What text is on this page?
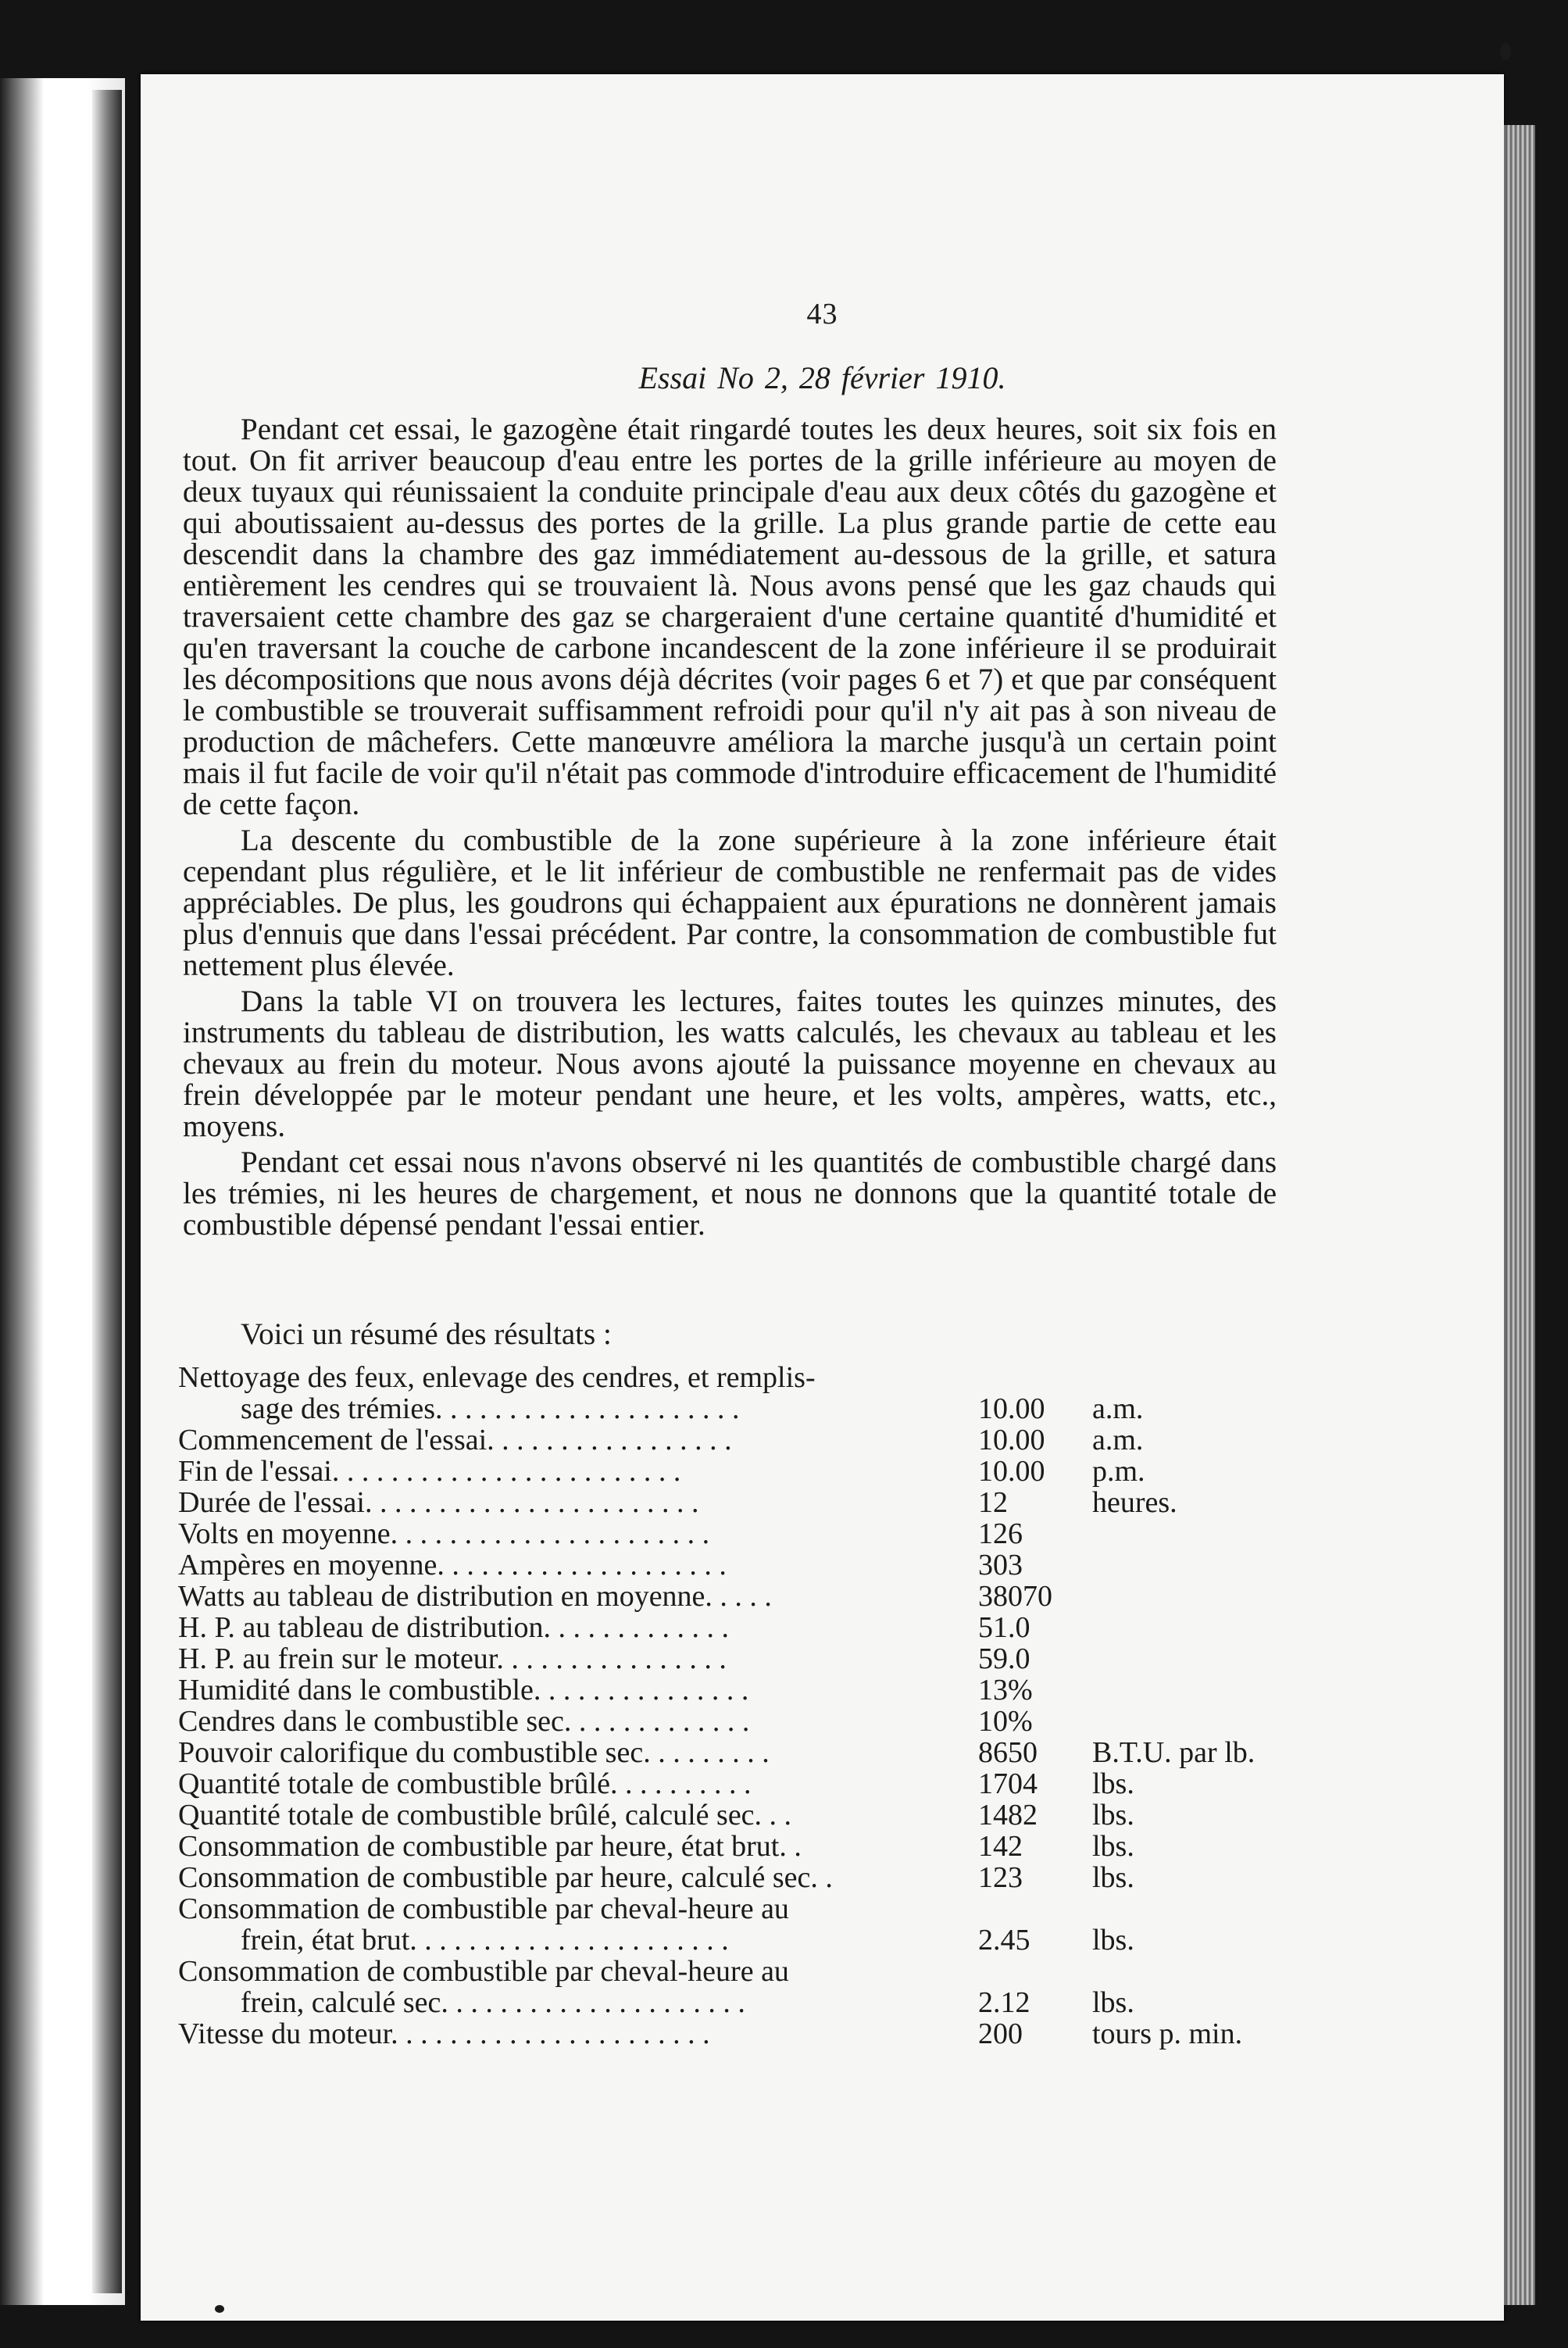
43
Essai No 2, 28 février 1910.

Pendant cet essai, le gazogène était ringardé toutes les deux heures, soit six fois en tout. On fit arriver beaucoup d'eau entre les portes de la grille inférieure au moyen de deux tuyaux qui réunissaient la conduite principale d'eau aux deux côtés du gazogène et qui aboutissaient au-dessus des portes de la grille. La plus grande partie de cette eau descendit dans la chambre des gaz immédiatement au-dessous de la grille, et satura entièrement les cendres qui se trouvaient là. Nous avons pensé que les gaz chauds qui traversaient cette chambre des gaz se chargeraient d'une certaine quantité d'humidité et qu'en traversant la couche de carbone incandescent de la zone inférieure il se produirait les décompositions que nous avons déjà décrites (voir pages 6 et 7) et que par conséquent le combustible se trouverait suffisamment refroidi pour qu'il n'y ait pas à son niveau de production de mâchefers. Cette manœuvre améliora la marche jusqu'à un certain point mais il fut facile de voir qu'il n'était pas commode d'introduire efficacement de l'humidité de cette façon.

La descente du combustible de la zone supérieure à la zone inférieure était cependant plus régulière, et le lit inférieur de combustible ne renfermait pas de vides appréciables. De plus, les goudrons qui échappaient aux épurations ne donnèrent jamais plus d'ennuis que dans l'essai précédent. Par contre, la consommation de combustible fut nettement plus élevée.

Dans la table VI on trouvera les lectures, faites toutes les quinzes minutes, des instruments du tableau de distribution, les watts calculés, les chevaux au tableau et les chevaux au frein du moteur. Nous avons ajouté la puissance moyenne en chevaux au frein développée par le moteur pendant une heure, et les volts, ampères, watts, etc., moyens.

Pendant cet essai nous n'avons observé ni les quantités de combustible chargé dans les trémies, ni les heures de chargement, et nous ne donnons que la quantité totale de combustible dépensé pendant l'essai entier.

Voici un résumé des résultats :
Nettoyage des feux, enlevage des cendres, et remplis-
sage des trémies. . . . . . . . . . . . . . . . . . . . .	10.00 a.m.
Commencement de l'essai. . . . . . . . . . . . . . . . .	10.00 a.m.
Fin de l'essai. . . . . . . . . . . . . . . . . . . . . . . .	10.00 p.m.
Durée de l'essai. . . . . . . . . . . . . . . . . . . . . . .	12	heures.
Volts en moyenne. . . . . . . . . . . . . . . . . . . . . .	126
Ampères en moyenne. . . . . . . . . . . . . . . . . . . .	303
Watts au tableau de distribution en moyenne. . . . .	38070
H. P. au tableau de distribution. . . . . . . . . . . . .	51.0
H. P. au frein sur le moteur. . . . . . . . . . . . . . . .	59.0
Humidité dans le combustible. . . . . . . . . . . . . . .	13%
Cendres dans le combustible sec. . . . . . . . . . . . .	10%
Pouvoir calorifique du combustible sec. . . . . . . . .	8650 B.T.U. par lb.
Quantité totale de combustible brûlé. . . . . . . . . .	1704 lbs.
Quantité totale de combustible brûlé, calculé sec. . .	1482 lbs.
Consommation de combustible par heure, état brut. .	142 lbs.
Consommation de combustible par heure, calculé sec. .	123 lbs.
Consommation de combustible par cheval-heure au
frein, état brut. . . . . . . . . . . . . . . . . . . . . .	2.45 lbs.
Consommation de combustible par cheval-heure au
frein, calculé sec. . . . . . . . . . . . . . . . . . . . .	2.12 lbs.
Vitesse du moteur. . . . . . . . . . . . . . . . . . . . . .	200 tours p. min.
